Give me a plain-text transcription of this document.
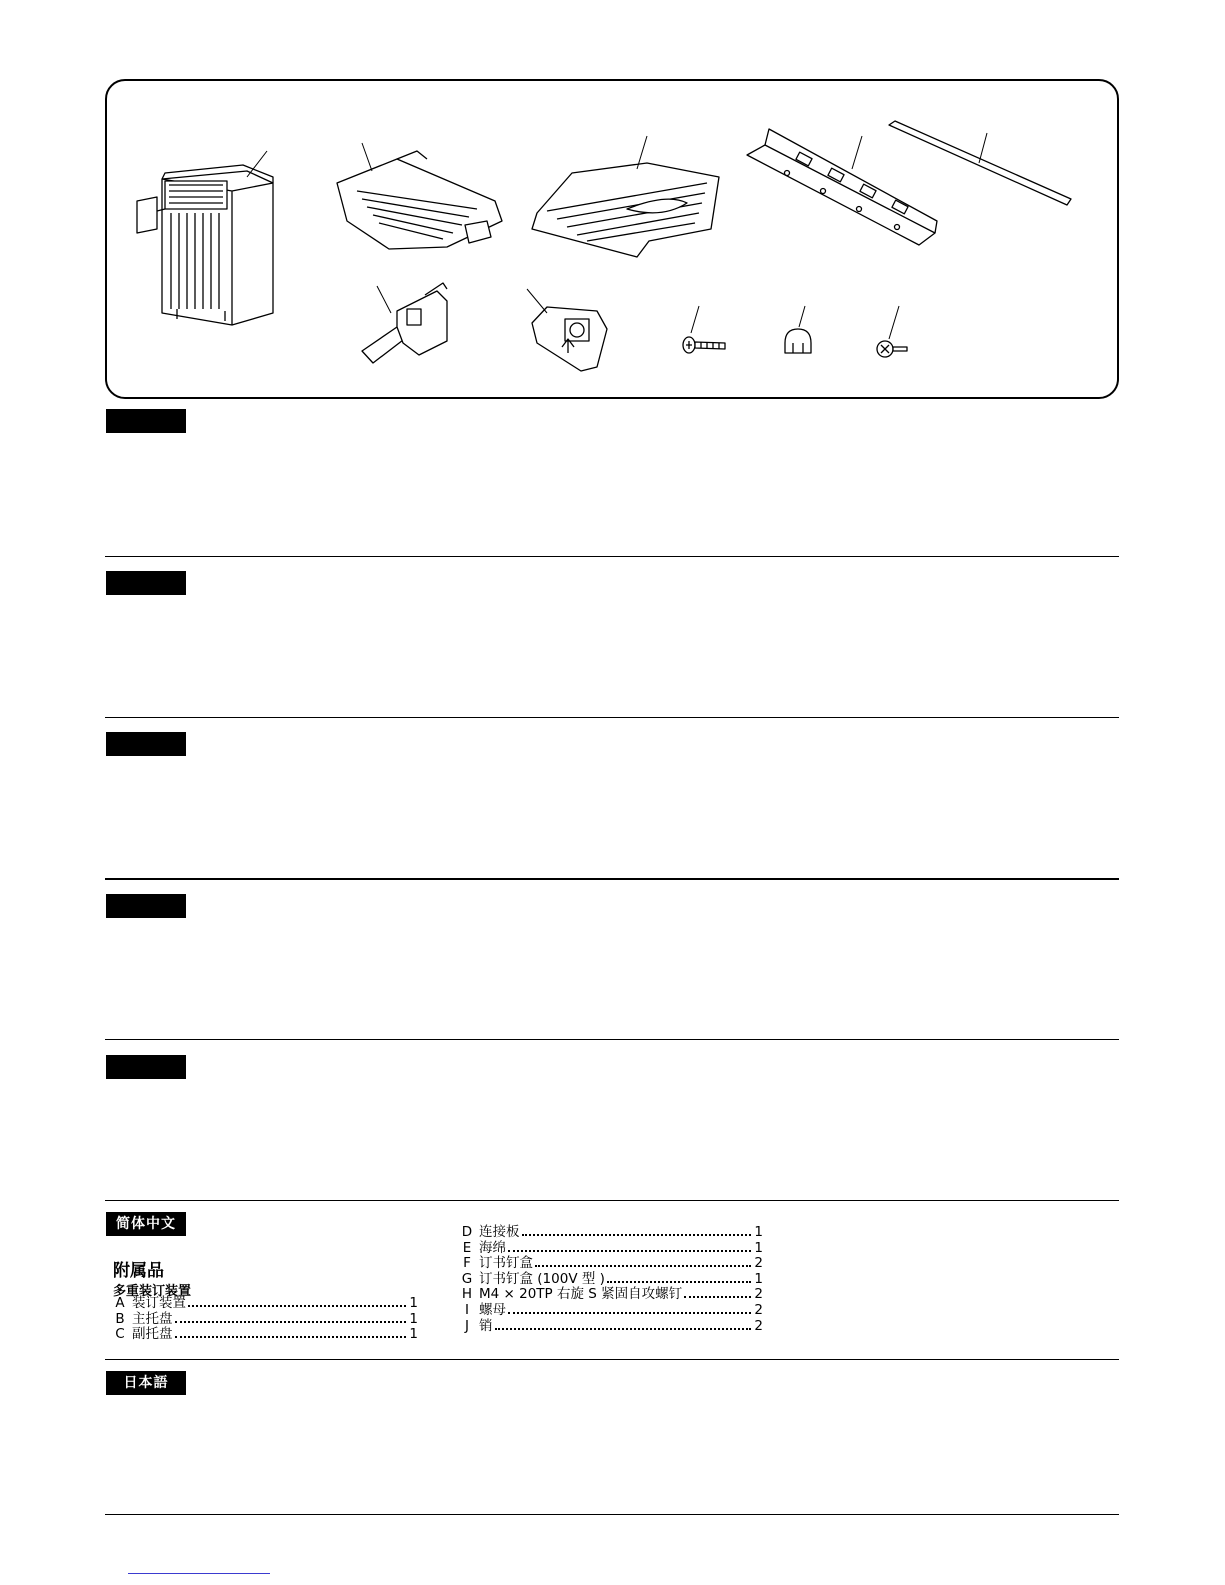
简体中文
附属品
多重装订装置
A 装订装置	1
B 主托盘	1
C 副托盘	1
D 连接板	1
E 海绵	1
F 订书钉盒	2
G 订书钉盒 (100V 型 )	1
H M4 × 20TP 右旋 S 紧固自攻螺钉	2
I 螺母	2
J 销	2
日本語
